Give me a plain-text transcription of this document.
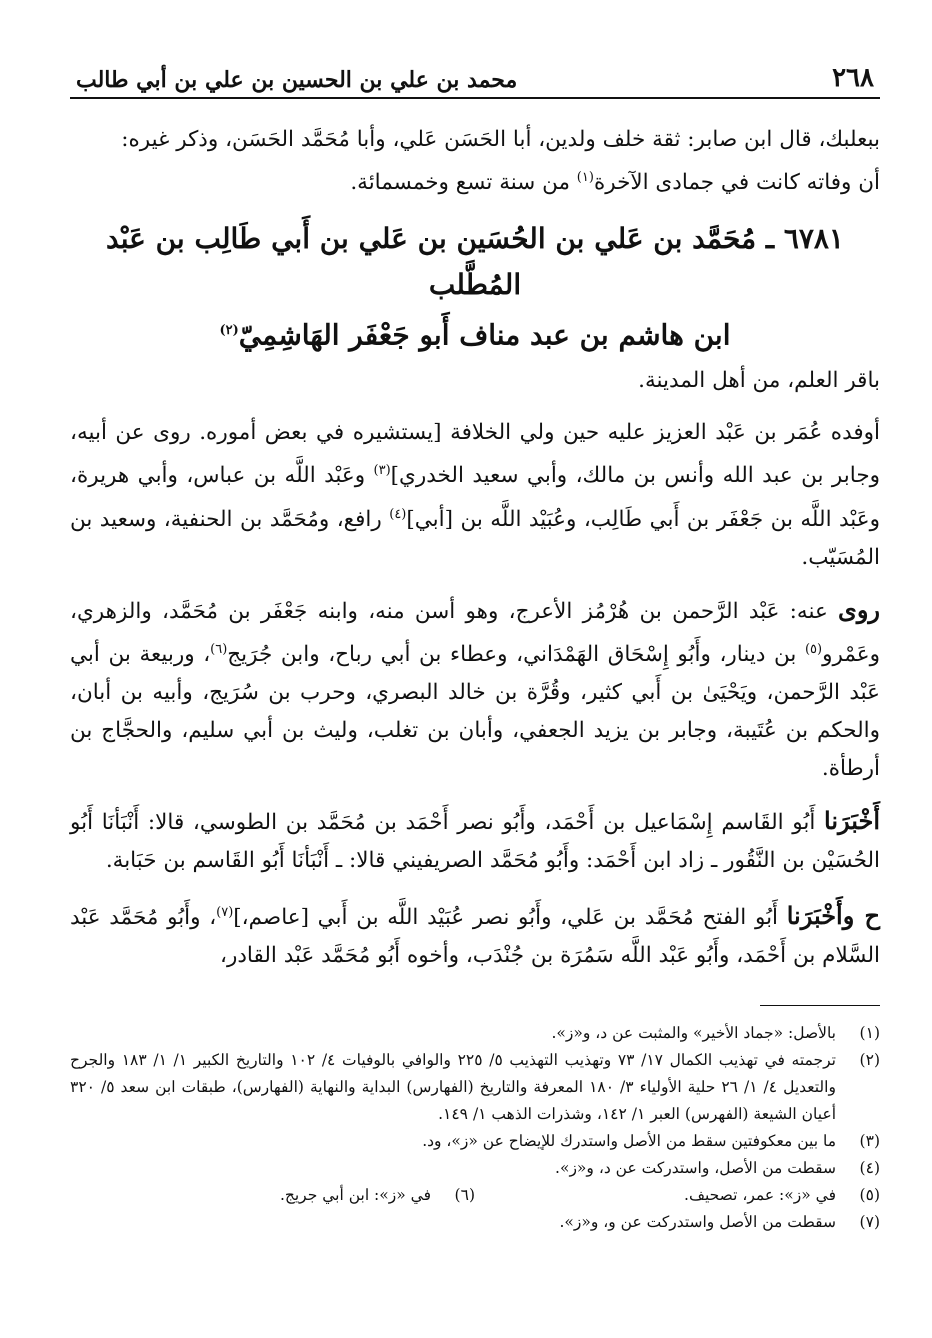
٢٦٨
محمد بن علي بن الحسين بن علي بن أبي طالب

ببعلبك، قال ابن صابر: ثقة خلف ولدين، أبا الحَسَن عَلي، وأبا مُحَمَّد الحَسَن، وذكر غيره:

أن وفاته كانت في جمادى الآخرة$^{(١)}$ من سنة تسع وخمسمائة.

٦٧٨١ ـ مُحَمَّد بن عَلي بن الحُسَين بن عَلي بن أَبي طَالِب بن عَبْد المُطَّلب
ابن هاشم بن عبد مناف أَبو جَعْفَر الهَاشِمِيّ$^{(٢)}$

باقر العلم، من أهل المدينة.

أوفده عُمَر بن عَبْد العزيز عليه حين ولي الخلافة [يستشيره في بعض أموره. روى عن أبيه، وجابر بن عبد الله وأنس بن مالك، وأبي سعيد الخدري]$^{(٣)}$ وعَبْد اللَّه بن عباس، وأبي هريرة، وعَبْد اللَّه بن جَعْفَر بن أَبي طَالِب، وعُبَيْد اللَّه بن [أبي]$^{(٤)}$ رافع، ومُحَمَّد بن الحنفية، وسعيد بن المُسَيّب.

روى عنه: عَبْد الرَّحمن بن هُرْمُز الأعرج، وهو أسن منه، وابنه جَعْفَر بن مُحَمَّد، والزهري، وعَمْرو$^{(٥)}$ بن دينار، وأَبُو إِسْحَاق الهَمْدَاني، وعطاء بن أبي رباح، وابن جُرَيج$^{(٦)}$، وربيعة بن أبي عَبْد الرَّحمن، ويَحْيَىٰ بن أَبي كثير، وقُرَّة بن خالد البصري، وحرب بن سُرَيج، وأبيه بن أبان، والحكم بن عُتَيبة، وجابر بن يزيد الجعفي، وأبان بن تغلب، وليث بن أبي سليم، والحجَّاج بن أرطأة.

أَخْبَرَنا أَبُو القَاسم إِسْمَاعيل بن أَحْمَد، وأَبُو نصر أَحْمَد بن مُحَمَّد بن الطوسي، قالا: أَنْبَأنَا أَبُو الحُسَيْن بن النَّقُور ـ زاد ابن أَحْمَد: وأَبُو مُحَمَّد الصريفيني قالا: ـ أَنْبَأنَا أَبُو القَاسم بن حَبَابة.

ح وأَخْبَرَنا أَبُو الفتح مُحَمَّد بن عَلي، وأَبُو نصر عُبَيْد اللَّه بن أَبي [عاصم،]$^{(٧)}$، وأَبُو مُحَمَّد عَبْد السَّلام بن أَحْمَد، وأَبُو عَبْد اللَّه سَمُرَة بن جُنْدَب، وأخوه أَبُو مُحَمَّد عَبْد القادر،

(١)
بالأصل: «جماد الأخير» والمثبت عن د، و«ز».
(٢)
ترجمته في تهذيب الكمال ١٧/ ٧٣ وتهذيب التهذيب ٥/ ٢٢٥ والوافي بالوفيات ٤/ ١٠٢ والتاريخ الكبير ١/ ١/ ١٨٣ والجرح والتعديل ٤/ ١/ ٢٦ حلية الأولياء ٣/ ١٨٠ المعرفة والتاريخ (الفهارس) البداية والنهاية (الفهارس)، طبقات ابن سعد ٥/ ٣٢٠ أعيان الشيعة (الفهرس) العبر ١/ ١٤٢، وشذرات الذهب ١/ ١٤٩.
(٣)
ما بين معكوفتين سقط من الأصل واستدرك للإيضاح عن «ز»، ود.
(٤)
سقطت من الأصل، واستدركت عن د، و«ز».
(٥)
في «ز»: عمر، تصحيف.
(٦)
في «ز»: ابن أبي جريج.
(٧)
سقطت من الأصل واستدركت عن و، و«ز».
